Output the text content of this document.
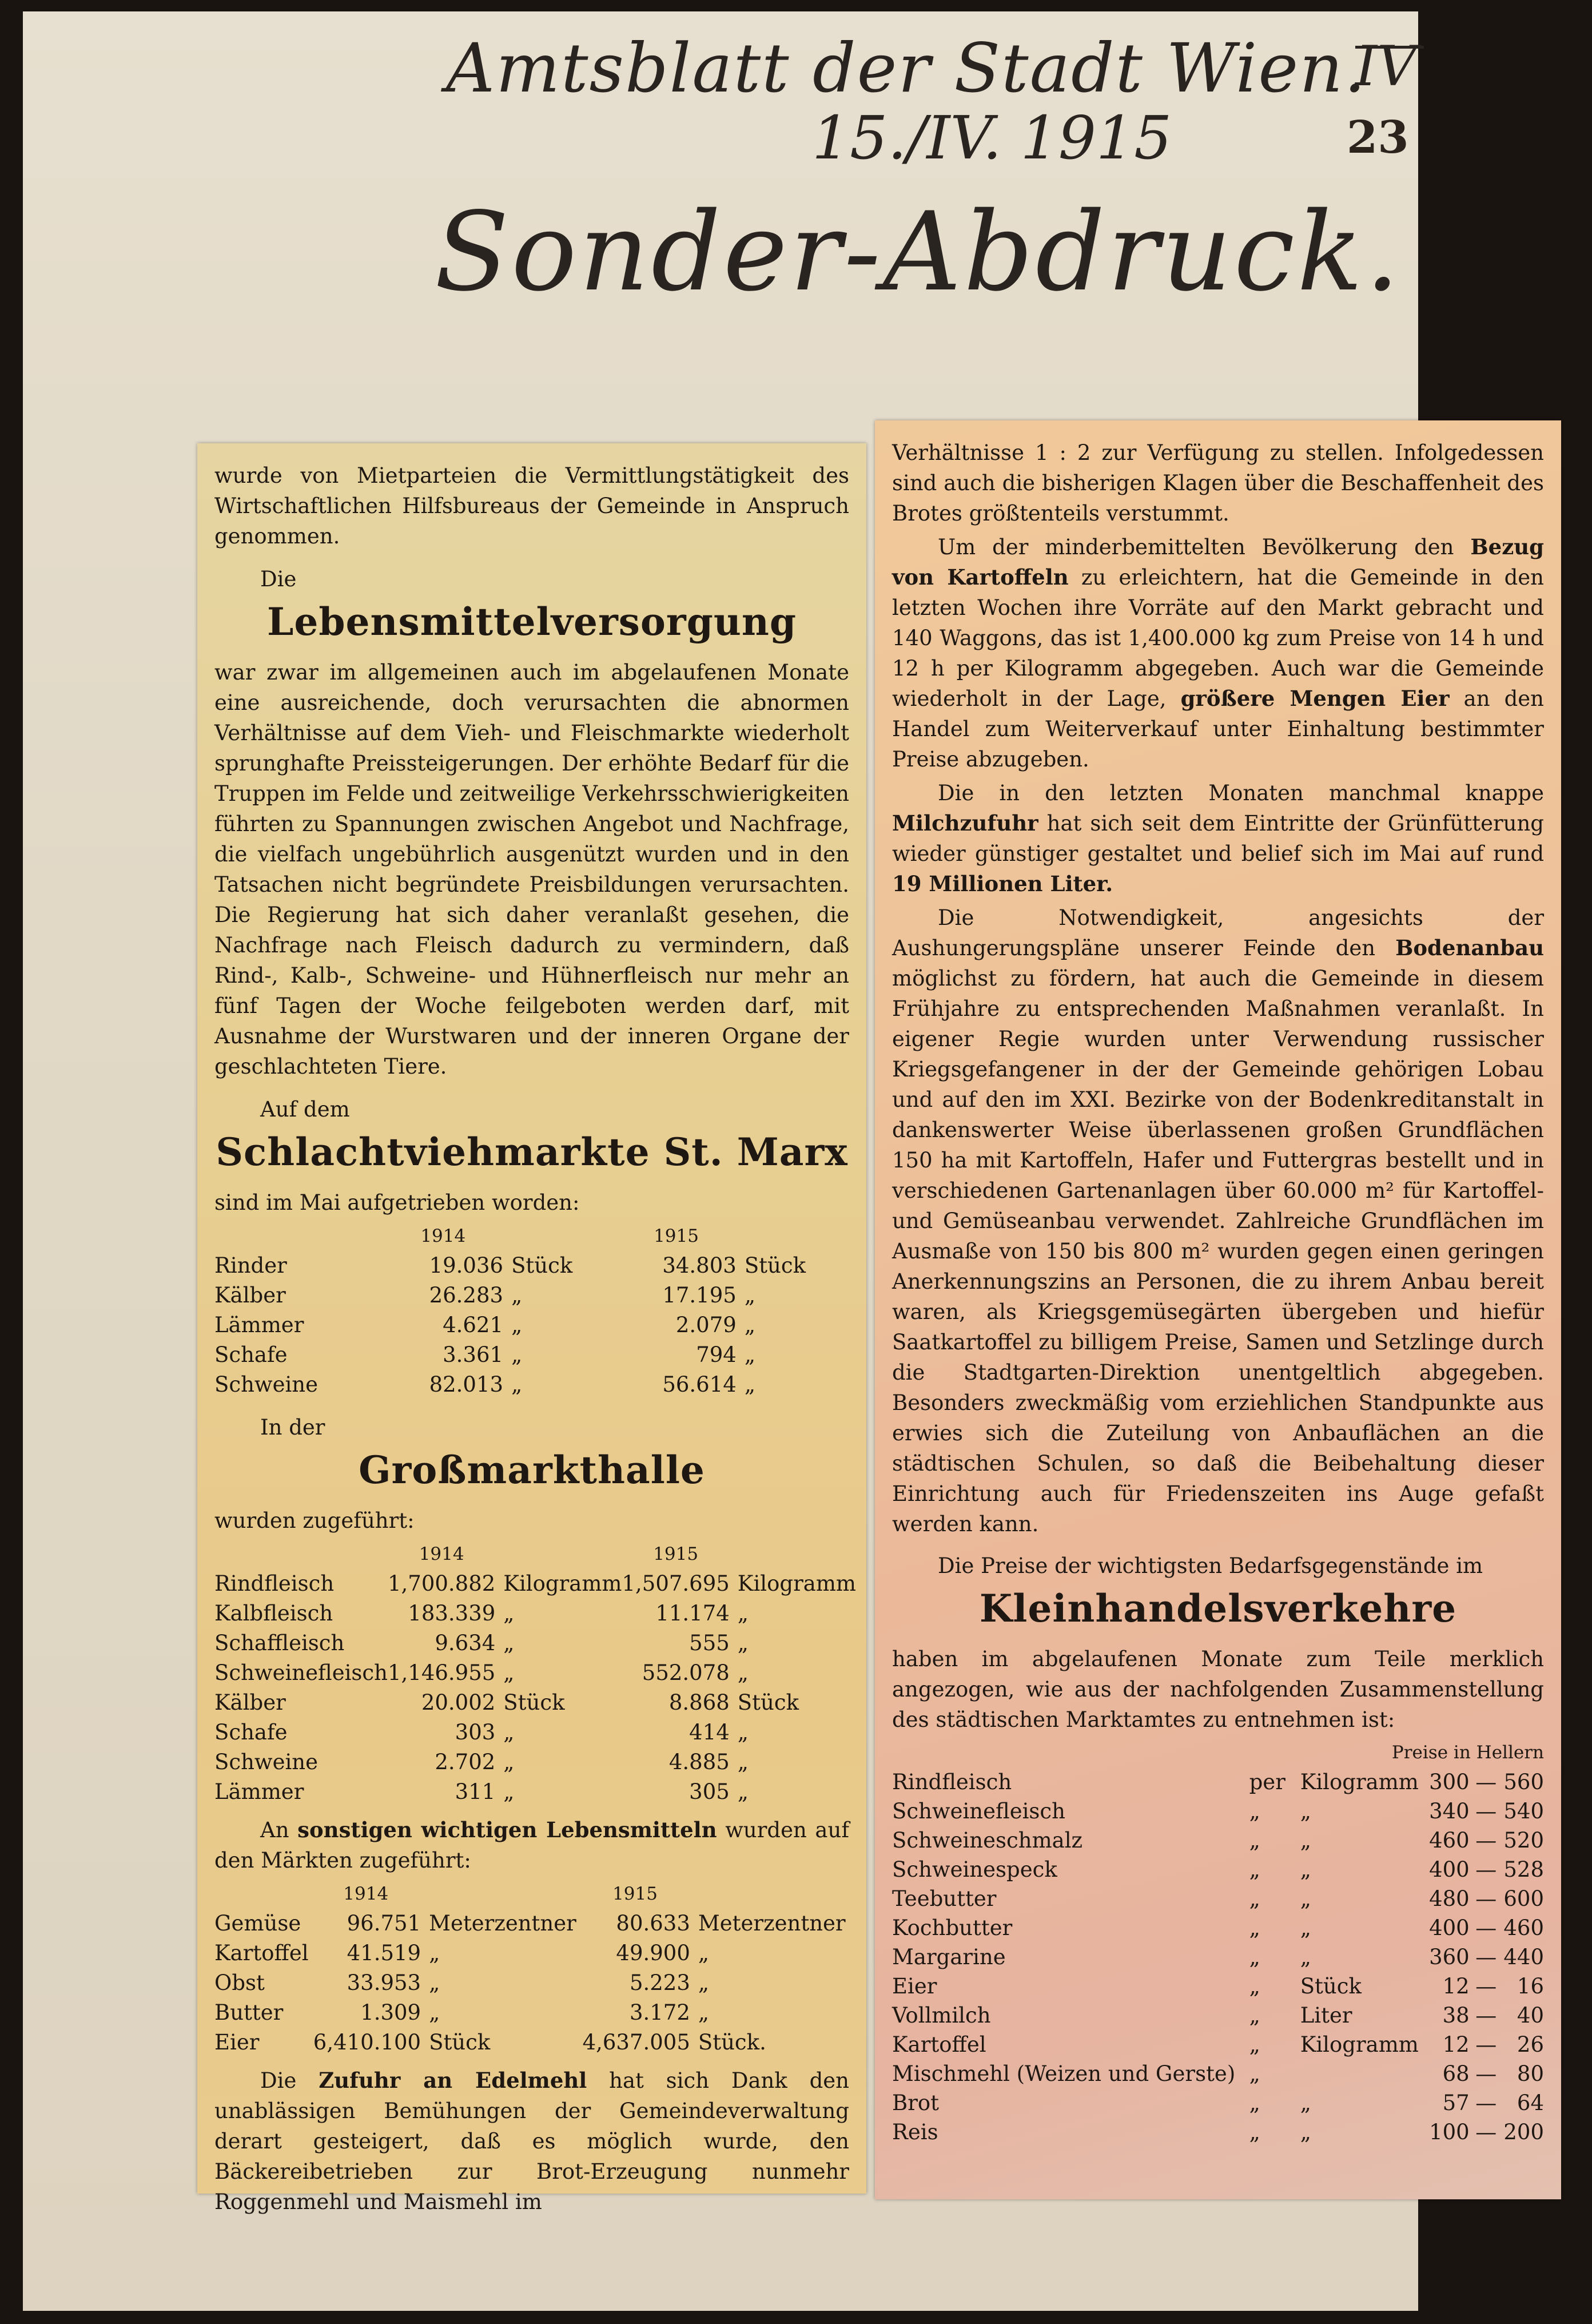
Amtsblatt der Stadt Wien.
IV
15./IV. 1915	23
Sonder-Abdruck.

wurde von Mietparteien die Vermittlungstätigkeit des Wirtschaftlichen Hilfsbureaus der Gemeinde in Anspruch genommen.

Die

Lebensmittelversorgung

war zwar im allgemeinen auch im abgelaufenen Monate eine ausreichende, doch verursachten die abnormen Verhältnisse auf dem Vieh- und Fleischmarkte wiederholt sprunghafte Preissteigerungen. Der erhöhte Bedarf für die Truppen im Felde und zeitweilige Verkehrsschwierigkeiten führten zu Spannungen zwischen Angebot und Nachfrage, die vielfach ungebührlich ausgenützt wurden und in den Tatsachen nicht begründete Preisbildungen verursachten. Die Regierung hat sich daher veranlaßt gesehen, die Nachfrage nach Fleisch dadurch zu vermindern, daß Rind-, Kalb-, Schweine- und Hühnerfleisch nur mehr an fünf Tagen der Woche feilgeboten werden darf, mit Ausnahme der Wurstwaren und der inneren Organe der geschlachteten Tiere.

Auf dem

Schlachtviehmarkte St. Marx

sind im Mai aufgetrieben worden:

	1914		1915	
Rinder	19.036	Stück	34.803	Stück
Kälber	26.283	„	17.195	„
Lämmer	4.621	„	2.079	„
Schafe	3.361	„	794	„
Schweine	82.013	„	56.614	„

In der

Großmarkthalle

wurden zugeführt:

	1914		1915	
Rindfleisch	1,700.882	Kilogramm	1,507.695	Kilogramm
Kalbfleisch	183.339	„	11.174	„
Schaffleisch	9.634	„	555	„
Schweinefleisch	1,146.955	„	552.078	„
Kälber	20.002	Stück	8.868	Stück
Schafe	303	„	414	„
Schweine	2.702	„	4.885	„
Lämmer	311	„	305	„

An sonstigen wichtigen Lebensmitteln wurden auf den Märkten zugeführt:

	1914		1915	
Gemüse	96.751	Meterzentner	80.633	Meterzentner
Kartoffel	41.519	„	49.900	„
Obst	33.953	„	5.223	„
Butter	1.309	„	3.172	„
Eier	6,410.100	Stück	4,637.005	Stück.

Die Zufuhr an Edelmehl hat sich Dank den unablässigen Bemühungen der Gemeindeverwaltung derart gesteigert, daß es möglich wurde, den Bäckereibetrieben zur Brot-Erzeugung nunmehr Roggenmehl und Maismehl im

Verhältnisse 1 : 2 zur Verfügung zu stellen. Infolgedessen sind auch die bisherigen Klagen über die Beschaffenheit des Brotes größtenteils verstummt.

Um der minderbemittelten Bevölkerung den Bezug von Kartoffeln zu erleichtern, hat die Gemeinde in den letzten Wochen ihre Vorräte auf den Markt gebracht und 140 Waggons, das ist 1,400.000 kg zum Preise von 14 h und 12 h per Kilogramm abgegeben. Auch war die Gemeinde wiederholt in der Lage, größere Mengen Eier an den Handel zum Weiterverkauf unter Einhaltung bestimmter Preise abzugeben.

Die in den letzten Monaten manchmal knappe Milchzufuhr hat sich seit dem Eintritte der Grünfütterung wieder günstiger gestaltet und belief sich im Mai auf rund 19 Millionen Liter.

Die Notwendigkeit, angesichts der Aushungerungspläne unserer Feinde den Bodenanbau möglichst zu fördern, hat auch die Gemeinde in diesem Frühjahre zu entsprechenden Maßnahmen veranlaßt. In eigener Regie wurden unter Verwendung russischer Kriegsgefangener in der der Gemeinde gehörigen Lobau und auf den im XXI. Bezirke von der Bodenkreditanstalt in dankenswerter Weise überlassenen großen Grundflächen 150 ha mit Kartoffeln, Hafer und Futtergras bestellt und in verschiedenen Gartenanlagen über 60.000 m² für Kartoffel- und Gemüseanbau verwendet. Zahlreiche Grundflächen im Ausmaße von 150 bis 800 m² wurden gegen einen geringen Anerkennungszins an Personen, die zu ihrem Anbau bereit waren, als Kriegsgemüsegärten übergeben und hiefür Saatkartoffel zu billigem Preise, Samen und Setzlinge durch die Stadtgarten-Direktion unentgeltlich abgegeben. Besonders zweckmäßig vom erziehlichen Standpunkte aus erwies sich die Zuteilung von Anbauflächen an die städtischen Schulen, so daß die Beibehaltung dieser Einrichtung auch für Friedenszeiten ins Auge gefaßt werden kann.

Die Preise der wichtigsten Bedarfsgegenstände im

Kleinhandelsverkehre

haben im abgelaufenen Monate zum Teile merklich angezogen, wie aus der nachfolgenden Zusammenstellung des städtischen Marktamtes zu entnehmen ist:

Preise in Hellern					
Rindfleisch	per	Kilogramm	300	—	560
Schweinefleisch	„	„	340	—	540
Schweineschmalz	„	„	460	—	520
Schweinespeck	„	„	400	—	528
Teebutter	„	„	480	—	600
Kochbutter	„	„	400	—	460
Margarine	„	„	360	—	440
Eier	„	Stück	12	—	16
Vollmilch	„	Liter	38	—	40
Kartoffel	„	Kilogramm	12	—	26
Mischmehl (Weizen und Gerste)	„		68	—	80
Brot	„	„	57	—	64
Reis	„	„	100	—	200
